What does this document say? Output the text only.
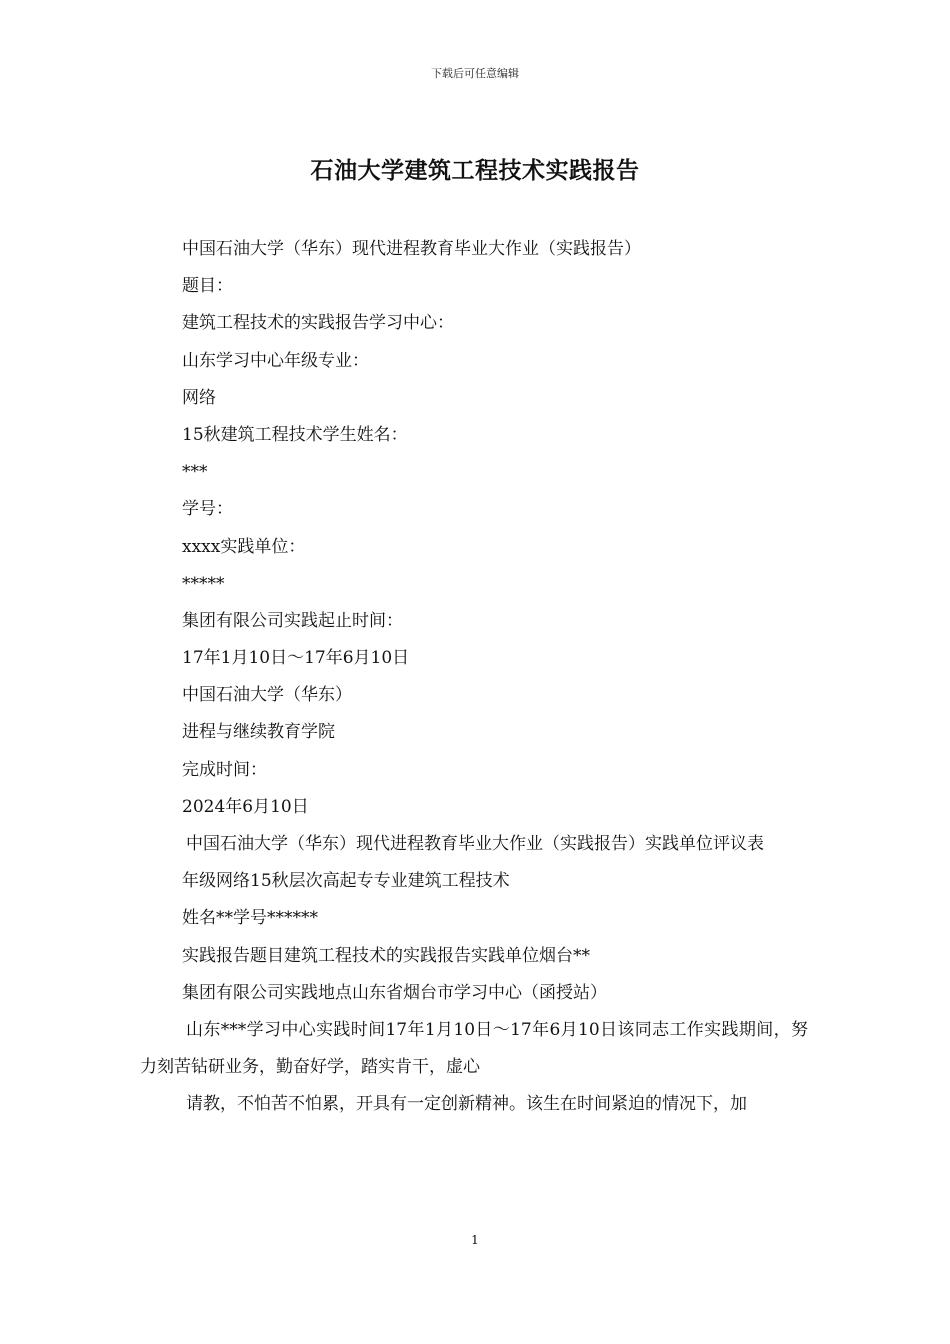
下载后可任意编辑
石油大学建筑工程技术实践报告

中国石油大学（华东）现代进程教育毕业大作业（实践报告）

题目：

建筑工程技术的实践报告学习中心：

山东学习中心年级专业：

网络

15秋建筑工程技术学生姓名：

***

学号：

xxxx实践单位：

*****

集团有限公司实践起止时间：

17年1月10日～17年6月10日

中国石油大学（华东）

进程与继续教育学院

完成时间：

2024年6月10日

中国石油大学（华东）现代进程教育毕业大作业（实践报告）实践单位评议表

年级网络15秋层次高起专专业建筑工程技术

姓名**学号******

实践报告题目建筑工程技术的实践报告实践单位烟台**

集团有限公司实践地点山东省烟台市学习中心（函授站）

山东***学习中心实践时间17年1月10日～17年6月10日该同志工作实践期间，努力刻苦钻研业务，勤奋好学，踏实肯干，虚心

请教，不怕苦不怕累，开具有一定创新精神。该生在时间紧迫的情况下，加

1
